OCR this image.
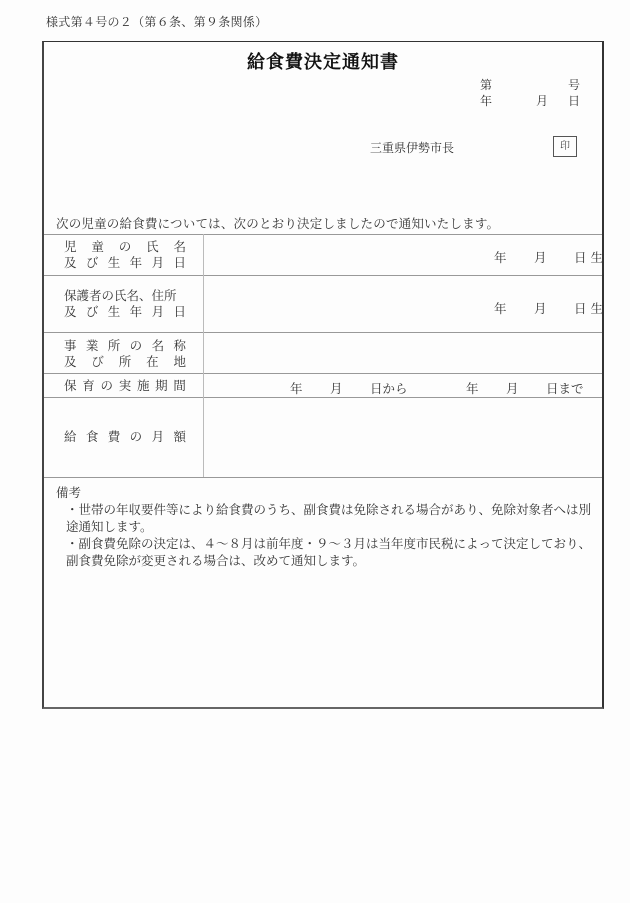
様式第４号の２（第６条、第９条関係）
給食費決定通知書
第	号
年	月 日
三重県伊勢市長	印
次の児童の給食費については、次のとおり決定しましたので通知いたします。
児 童 の 氏 名
及 び 生 年 月 日	年 月 日 生
保護者の氏名、住所
及 び 生 年 月 日	年 月 日 生
事 業 所 の 名 称
及 び 所 在 地
保 育 の 実 施 期 間	年 月 日から	年 月 日まで
給 食 費 の 月 額
備考

・世帯の年収要件等により給食費のうち、副食費は免除される場合があり、免除対象者へは別途通知します。

・副食費免除の決定は、４～８月は前年度・９～３月は当年度市民税によって決定しており、副食費免除が変更される場合は、改めて通知します。
